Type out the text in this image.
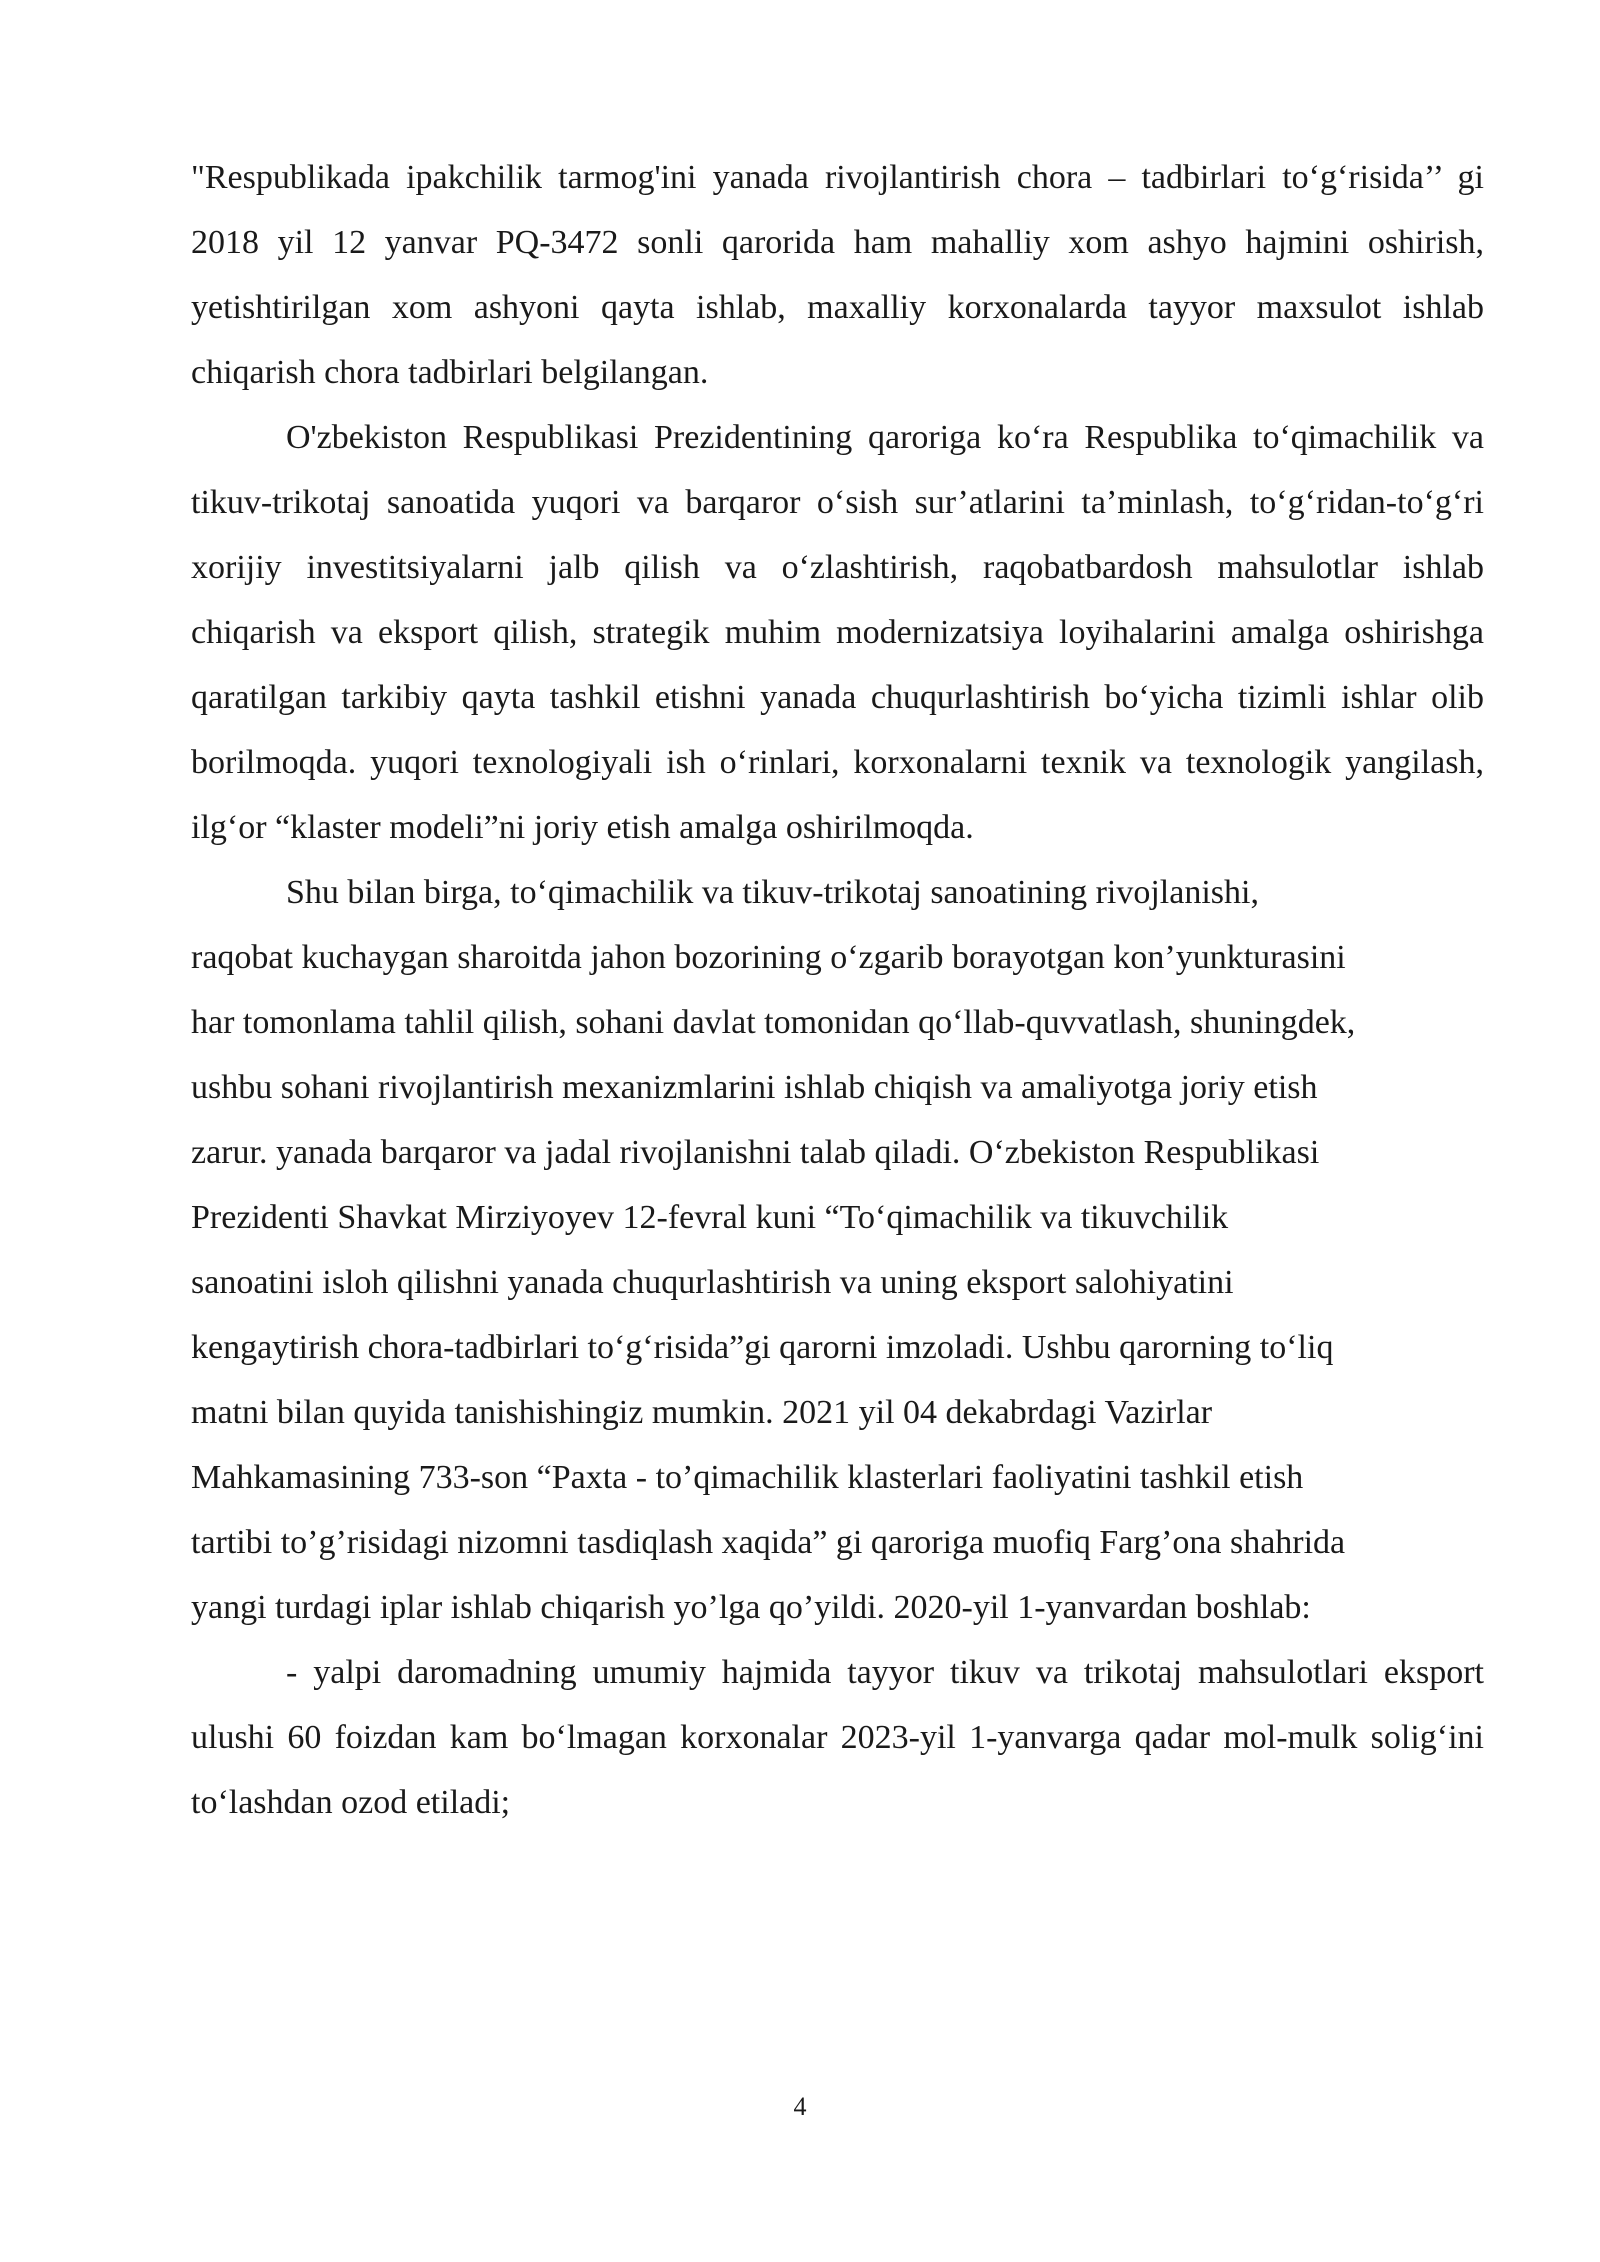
"Respublikada ipakchilik tarmog'ini yanada rivojlantirish chora – tadbirlari to‘g‘risida’’ gi 2018 yil 12 yanvar PQ-3472 sonli qarorida ham mahalliy xom ashyo hajmini oshirish, yetishtirilgan xom ashyoni qayta ishlab, maxalliy korxonalarda tayyor maxsulot ishlab chiqarish chora tadbirlari belgilangan.

O'zbekiston Respublikasi Prezidentining qaroriga ko‘ra Respublika to‘qimachilik va tikuv-trikotaj sanoatida yuqori va barqaror o‘sish sur’atlarini ta’minlash, to‘g‘ridan-to‘g‘ri xorijiy investitsiyalarni jalb qilish va o‘zlashtirish, raqobatbardosh mahsulotlar ishlab chiqarish va eksport qilish, strategik muhim modernizatsiya loyihalarini amalga oshirishga qaratilgan tarkibiy qayta tashkil etishni yanada chuqurlashtirish bo‘yicha tizimli ishlar olib borilmoqda. yuqori texnologiyali ish o‘rinlari, korxonalarni texnik va texnologik yangilash, ilg‘or “klaster modeli”ni joriy etish amalga oshirilmoqda.

Shu bilan birga, to‘qimachilik va tikuv-trikotaj sanoatining rivojlanishi,
raqobat kuchaygan sharoitda jahon bozorining o‘zgarib borayotgan kon’yunkturasini
har tomonlama tahlil qilish, sohani davlat tomonidan qo‘llab-quvvatlash, shuningdek,
ushbu sohani rivojlantirish mexanizmlarini ishlab chiqish va amaliyotga joriy etish
zarur. yanada barqaror va jadal rivojlanishni talab qiladi. O‘zbekiston Respublikasi
Prezidenti Shavkat Mirziyoyev 12-fevral kuni “To‘qimachilik va tikuvchilik
sanoatini isloh qilishni yanada chuqurlashtirish va uning eksport salohiyatini
kengaytirish chora-tadbirlari to‘g‘risida”gi qarorni imzoladi. Ushbu qarorning to‘liq
matni bilan quyida tanishishingiz mumkin. 2021 yil 04 dekabrdagi Vazirlar
Mahkamasining 733-son “Paxta - to’qimachilik klasterlari faoliyatini tashkil etish
tartibi to’g’risidagi nizomni tasdiqlash xaqida” gi qaroriga muofiq Farg’ona shahrida
yangi turdagi iplar ishlab chiqarish yo’lga qo’yildi. 2020-yil 1-yanvardan boshlab:

- yalpi daromadning umumiy hajmida tayyor tikuv va trikotaj mahsulotlari eksport ulushi 60 foizdan kam bo‘lmagan korxonalar 2023-yil 1-yanvarga qadar mol-mulk solig‘ini to‘lashdan ozod etiladi;

4
